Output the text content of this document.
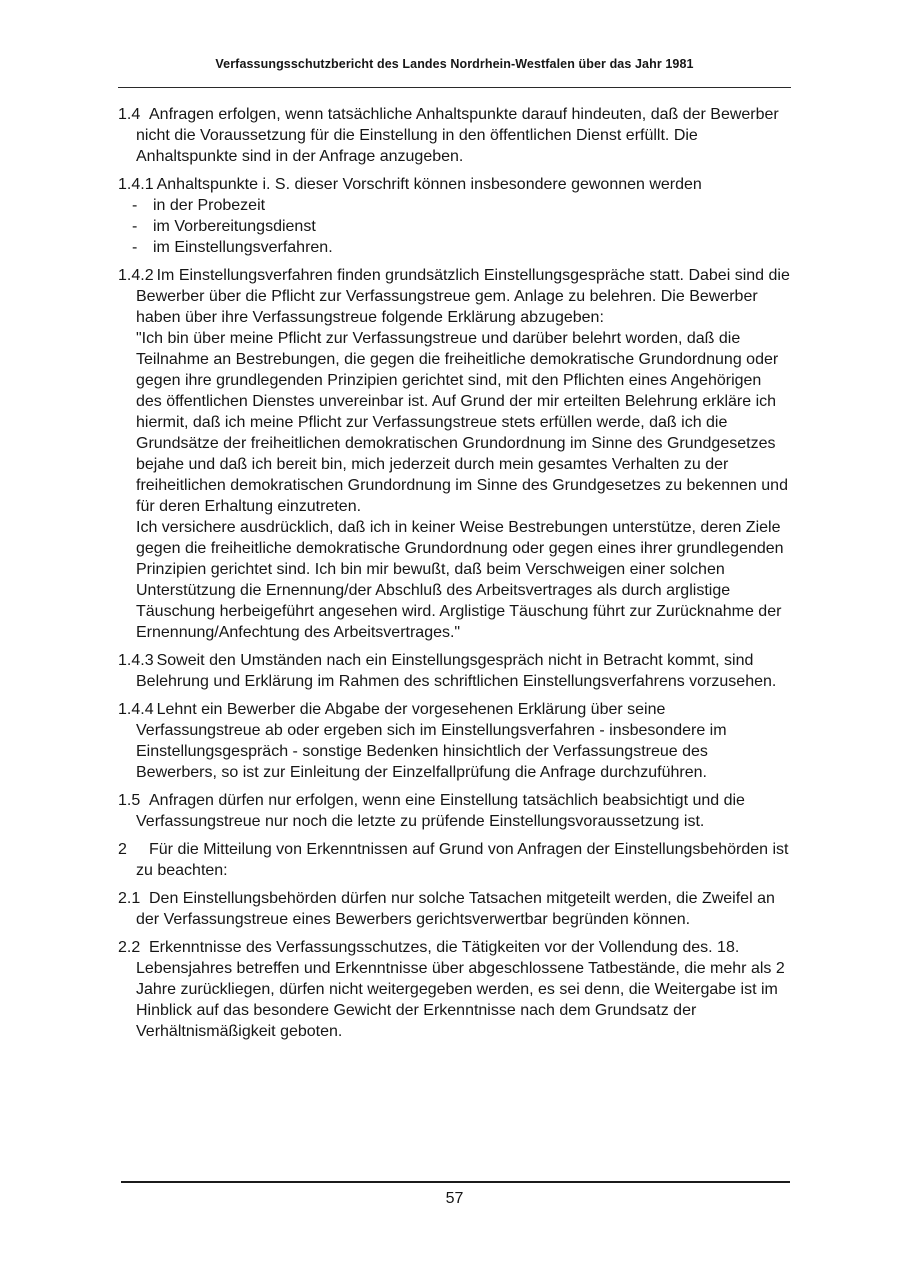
Verfassungsschutzbericht des Landes Nordrhein-Westfalen über das Jahr 1981
1.4 Anfragen erfolgen, wenn tatsächliche Anhaltspunkte darauf hindeuten, daß der Bewerber nicht die Voraussetzung für die Einstellung in den öffentlichen Dienst erfüllt. Die Anhaltspunkte sind in der Anfrage anzugeben.
1.4.1 Anhaltspunkte i. S. dieser Vorschrift können insbesondere gewonnen werden
- in der Probezeit
- im Vorbereitungsdienst
- im Einstellungsverfahren.
1.4.2 Im Einstellungsverfahren finden grundsätzlich Einstellungsgespräche statt. Dabei sind die Bewerber über die Pflicht zur Verfassungstreue gem. Anlage zu belehren. Die Bewerber haben über ihre Verfassungstreue folgende Erklärung abzugeben:
"Ich bin über meine Pflicht zur Verfassungstreue und darüber belehrt worden, daß die Teilnahme an Bestrebungen, die gegen die freiheitliche demokratische Grundordnung oder gegen ihre grundlegenden Prinzipien gerichtet sind, mit den Pflichten eines Angehörigen des öffentlichen Dienstes unvereinbar ist. Auf Grund der mir erteilten Belehrung erkläre ich hiermit, daß ich meine Pflicht zur Verfassungstreue stets erfüllen werde, daß ich die Grundsätze der freiheitlichen demokratischen Grundordnung im Sinne des Grundgesetzes bejahe und daß ich bereit bin, mich jederzeit durch mein gesamtes Verhalten zu der freiheitlichen demokratischen Grundordnung im Sinne des Grundgesetzes zu bekennen und für deren Erhaltung einzutreten.
Ich versichere ausdrücklich, daß ich in keiner Weise Bestrebungen unterstütze, deren Ziele gegen die freiheitliche demokratische Grundordnung oder gegen eines ihrer grundlegenden Prinzipien gerichtet sind. Ich bin mir bewußt, daß beim Verschweigen einer solchen Unterstützung die Ernennung/der Abschluß des Arbeitsvertrages als durch arglistige Täuschung herbeigeführt angesehen wird. Arglistige Täuschung führt zur Zurücknahme der Ernennung/Anfechtung des Arbeitsvertrages."
1.4.3 Soweit den Umständen nach ein Einstellungsgespräch nicht in Betracht kommt, sind Belehrung und Erklärung im Rahmen des schriftlichen Einstellungsverfahrens vorzusehen.
1.4.4 Lehnt ein Bewerber die Abgabe der vorgesehenen Erklärung über seine Verfassungstreue ab oder ergeben sich im Einstellungsverfahren - insbesondere im Einstellungsgespräch - sonstige Bedenken hinsichtlich der Verfassungstreue des Bewerbers, so ist zur Einleitung der Einzelfallprüfung die Anfrage durchzuführen.
1.5 Anfragen dürfen nur erfolgen, wenn eine Einstellung tatsächlich beabsichtigt und die Verfassungstreue nur noch die letzte zu prüfende Einstellungsvoraussetzung ist.
2 Für die Mitteilung von Erkenntnissen auf Grund von Anfragen der Einstellungsbehörden ist zu beachten:
2.1 Den Einstellungsbehörden dürfen nur solche Tatsachen mitgeteilt werden, die Zweifel an der Verfassungstreue eines Bewerbers gerichtsverwertbar begründen können.
2.2 Erkenntnisse des Verfassungsschutzes, die Tätigkeiten vor der Vollendung des. 18. Lebensjahres betreffen und Erkenntnisse über abgeschlossene Tatbestände, die mehr als 2 Jahre zurückliegen, dürfen nicht weitergegeben werden, es sei denn, die Weitergabe ist im Hinblick auf das besondere Gewicht der Erkenntnisse nach dem Grundsatz der Verhältnismäßigkeit geboten.
57
